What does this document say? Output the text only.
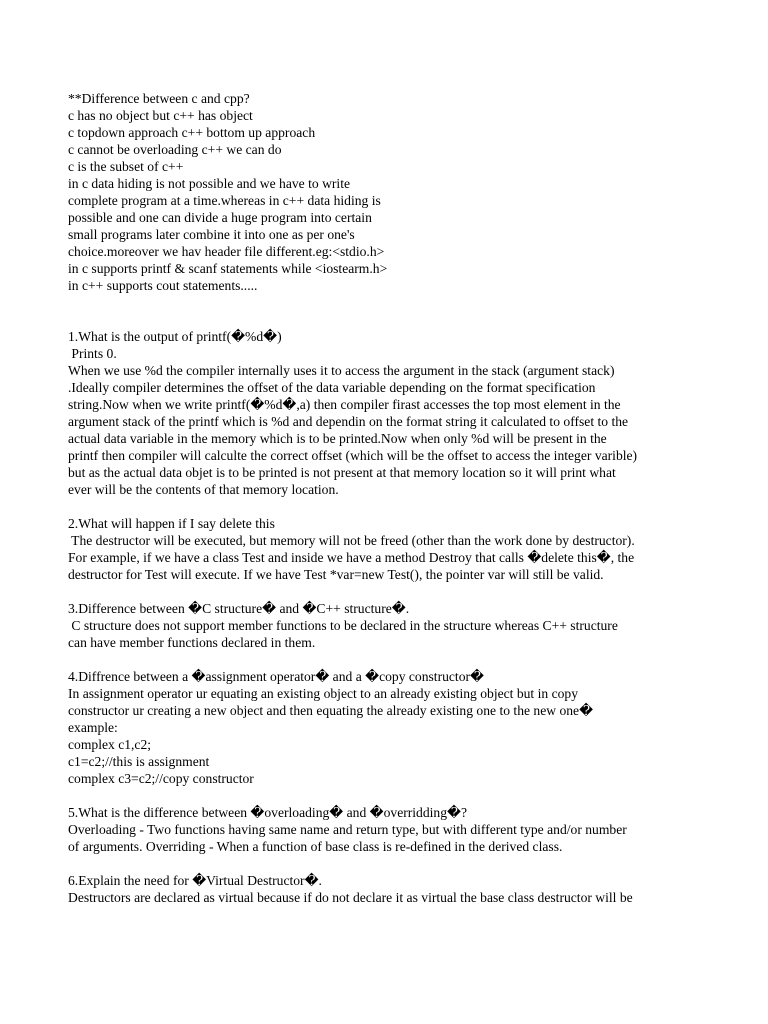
**Difference between c and cpp?
c has no object but c++ has object
c topdown approach c++ bottom up approach
c cannot be overloading c++ we can do
c is the subset of c++
in c data hiding is not possible and we have to write
complete program at a time.whereas in c++ data hiding is
possible and one can divide a huge program into certain
small programs later combine it into one as per one's
choice.moreover we hav header file different.eg:<stdio.h>
in c supports printf & scanf statements while <iostearm.h>
in c++ supports cout statements.....
1.What is the output of printf(�%d�)
Prints 0.
When we use %d the compiler internally uses it to access the argument in the stack (argument stack)
.Ideally compiler determines the offset of the data variable depending on the format specification
string.Now when we write printf(�%d�,a) then compiler firast accesses the top most element in the
argument stack of the printf which is %d and dependin on the format string it calculated to offset to the
actual data variable in the memory which is to be printed.Now when only %d will be present in the
printf then compiler will calculte the correct offset (which will be the offset to access the integer varible)
but as the actual data objet is to be printed is not present at that memory location so it will print what
ever will be the contents of that memory location.
2.What will happen if I say delete this
The destructor will be executed, but memory will not be freed (other than the work done by destructor).
For example, if we have a class Test and inside we have a method Destroy that calls �delete this�, the
destructor for Test will execute. If we have Test *var=new Test(), the pointer var will still be valid.
3.Difference between �C structure� and �C++ structure�.
C structure does not support member functions to be declared in the structure whereas C++ structure
can have member functions declared in them.
4.Diffrence between a �assignment operator� and a �copy constructor�
In assignment operator ur equating an existing object to an already existing object but in copy
constructor ur creating a new object and then equating the already existing one to the new one�
example:
complex c1,c2;
c1=c2;//this is assignment
complex c3=c2;//copy constructor
5.What is the difference between �overloading� and �overridding�?
Overloading - Two functions having same name and return type, but with different type and/or number
of arguments. Overriding - When a function of base class is re-defined in the derived class.
6.Explain the need for �Virtual Destructor�.
Destructors are declared as virtual because if do not declare it as virtual the base class destructor will be
